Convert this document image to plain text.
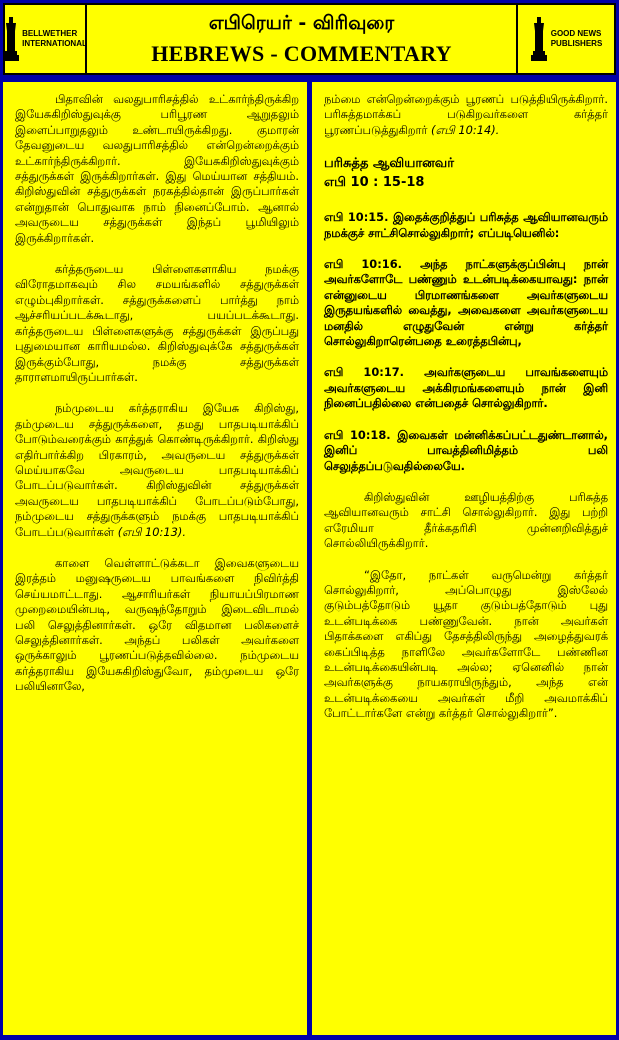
BELLWETHER
INTERNATIONAL
எபிரெயர் - விரிவுரை
HEBREWS - COMMENTARY
GOOD NEWS
PUBLISHERS

பிதாவின் வலதுபாரிசத்தில் உட்கார்ந்திருக்கிற இயேசுகிறிஸ்துவுக்கு பரிபூரண ஆறுதலும் இளைப்பாறுதலும் உண்டாயிருக்கிறது. குமாரன் தேவனுடைய வலதுபாரிசத்தில் என்றென்றைக்கும் உட்கார்ந்திருக்கிறார். இயேசுகிறிஸ்துவுக்கும் சத்துருக்கள் இருக்கிறார்கள். இது மெய்யான சத்தியம். கிறிஸ்துவின் சத்துருக்கள் நரகத்தில்தான் இருப்பார்கள் என்றுதான் பொதுவாக நாம் நினைப்போம். ஆனால் அவருடைய சத்துருக்கள் இந்தப் பூமியிலும் இருக்கிறார்கள்.

கர்த்தருடைய பிள்ளைகளாகிய நமக்கு விரோதமாகவும் சில சமயங்களில் சத்துருக்கள் எழும்புகிறார்கள். சத்துருக்களைப் பார்த்து நாம் ஆச்சரியப்படக்கூடாது, பயப்படக்கூடாது. கர்த்தருடைய பிள்ளைகளுக்கு சத்துருக்கள் இருப்பது புதுமையான காரியமல்ல. கிறிஸ்துவுக்கே சத்துருக்கள் இருக்கும்போது, நமக்கு சத்துருக்கள் தாராளமாயிருப்பார்கள்.

நம்முடைய கர்த்தராகிய இயேசு கிறிஸ்து, தம்முடைய சத்துருக்களை, தமது பாதபடியாக்கிப் போடும்வரைக்கும் காத்துக் கொண்டிருக்கிறார். கிறிஸ்து எதிர்பார்க்கிற பிரகாரம், அவருடைய சத்துருக்கள் மெய்யாகவே அவருடைய பாதபடியாக்கிப் போடப்படுவார்கள். கிறிஸ்துவின் சத்துருக்கள் அவருடைய பாதபடியாக்கிப் போடப்படும்போது, நம்முடைய சத்துருக்களும் நமக்கு பாதபடியாக்கிப் போடப்படுவார்கள் (எபி 10:13).

காளை வெள்ளாட்டுக்கடா இவைகளுடைய இரத்தம் மனுஷருடைய பாவங்களை நிவிர்த்தி செய்யமாட்டாது. ஆசாரியர்கள் நியாயப்பிரமாண முறைமையின்படி, வருஷந்தோறும் இடைவிடாமல் பலி செலுத்தினார்கள். ஒரே விதமான பலிகளைச் செலுத்தினார்கள். அந்தப் பலிகள் அவர்களை ஒருக்காலும் பூரணப்படுத்தவில்லை. நம்முடைய கர்த்தராகிய இயேசுகிறிஸ்துவோ, தம்முடைய ஒரே பலியினாலே,

நம்மை என்றென்றைக்கும் பூரணப் படுத்தியிருக்கிறார். பரிசுத்தமாக்கப் படுகிறவர்களை கர்த்தர் பூரணப்படுத்துகிறார் (எபி 10:14).

பரிசுத்த ஆவியானவர்
எபி 10 : 15-18

எபி 10:15. இதைக்குறித்துப் பரிசுத்த ஆவியானவரும் நமக்குச் சாட்சிசொல்லுகிறார்; எப்படியெனில்:

எபி 10:16. அந்த நாட்களுக்குப்பின்பு நான் அவர்களோடே பண்ணும் உடன்படிக்கையாவது: நான் என்னுடைய பிரமாணங்களை அவர்களுடைய இருதயங்களில் வைத்து, அவைகளை அவர்களுடைய மனதில் எழுதுவேன் என்று கர்த்தர் சொல்லுகிறாரென்பதை உரைத்தபின்பு,

எபி 10:17. அவர்களுடைய பாவங்களையும் அவர்களுடைய அக்கிரமங்களையும் நான் இனி நினைப்பதில்லை என்பதைச் சொல்லுகிறார்.

எபி 10:18. இவைகள் மன்னிக்கப்பட்டதுண்டானால், இனிப் பாவத்தினிமித்தம் பலி செலுத்தப்படுவதில்லையே.

கிறிஸ்துவின் ஊழியத்திற்கு பரிசுத்த ஆவியானவரும் சாட்சி சொல்லுகிறார். இது பற்றி எரேமியா தீர்க்கதரிசி முன்னறிவித்துச் சொல்லியிருக்கிறார்.

“இதோ, நாட்கள் வருமென்று கர்த்தர் சொல்லுகிறார், அப்பொழுது இஸ்லேல் குடும்பத்தோடும் யூதா குடும்பத்தோடும் புது உடன்படிக்கை பண்ணுவேன். நான் அவர்கள் பிதாக்களை எகிப்து தேசத்திலிருந்து அழைத்துவரக் கைப்பிடித்த நாளிலே அவர்களோடே பண்ணின உடன்படிக்கையின்படி அல்ல; ஏனெனில் நான் அவர்களுக்கு நாயகராயிருந்தும், அந்த என் உடன்படிக்கையை அவர்கள் மீறி அவமாக்கிப் போட்டார்களே என்று கர்த்தர் சொல்லுகிறார்”.
